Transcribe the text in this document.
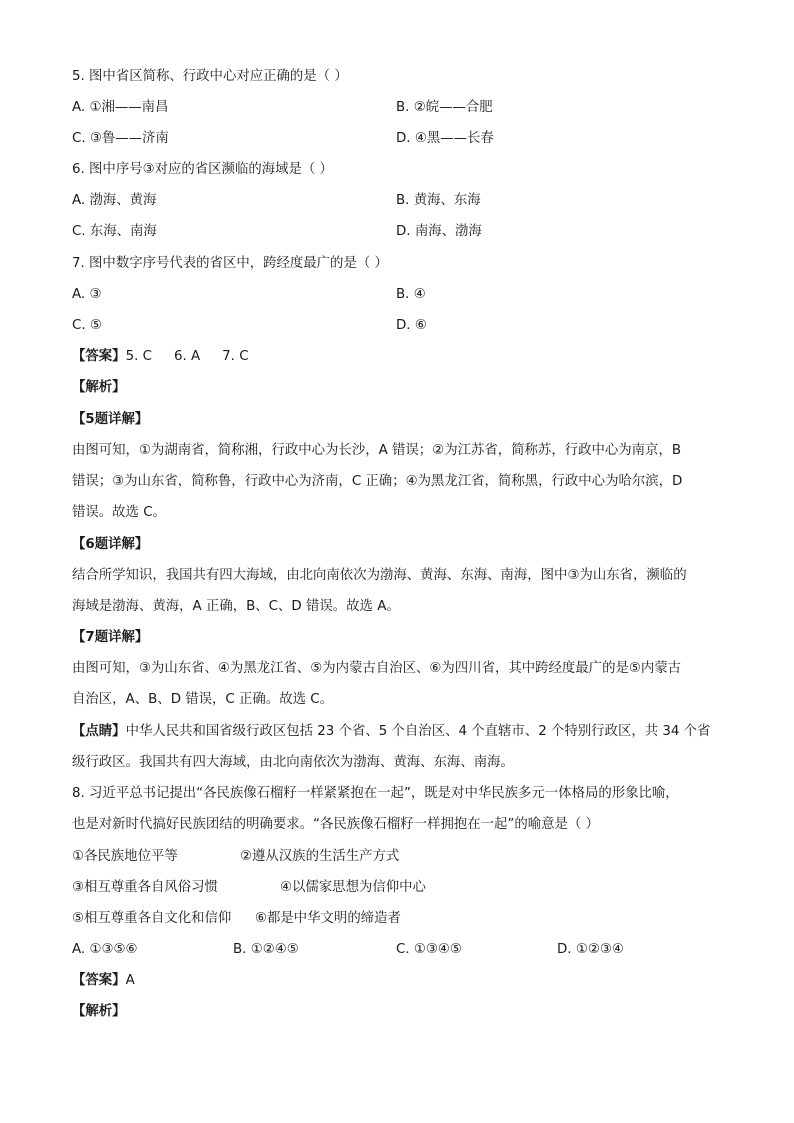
5. 图中省区简称、行政中心对应正确的是（ ）
A. ①湘——南昌	B. ②皖——合肥
C. ③鲁——济南	D. ④黑——长春
6. 图中序号③对应的省区濒临的海域是（ ）
A. 渤海、黄海	B. 黄海、东海
C. 东海、南海	D. 南海、渤海
7. 图中数字序号代表的省区中，跨经度最广的是（ ）
A. ③	B. ④
C. ⑤	D. ⑥
【答案】5. C 6. A 7. C
【解析】
【5题详解】
由图可知，①为湖南省，简称湘，行政中心为长沙，A 错误；②为江苏省，简称苏，行政中心为南京，B
错误；③为山东省，简称鲁，行政中心为济南，C 正确；④为黑龙江省，简称黑，行政中心为哈尔滨，D
错误。故选 C。
【6题详解】
结合所学知识，我国共有四大海域，由北向南依次为渤海、黄海、东海、南海，图中③为山东省，濒临的
海域是渤海、黄海，A 正确，B、C、D 错误。故选 A。
【7题详解】
由图可知，③为山东省、④为黑龙江省、⑤为内蒙古自治区、⑥为四川省，其中跨经度最广的是⑤内蒙古
自治区，A、B、D 错误，C 正确。故选 C。
【点睛】中华人民共和国省级行政区包括 23 个省、5 个自治区、4 个直辖市、2 个特别行政区，共 34 个省
级行政区。我国共有四大海域，由北向南依次为渤海、黄海、东海、南海。
8. 习近平总书记提出“各民族像石榴籽一样紧紧抱在一起”，既是对中华民族多元一体格局的形象比喻，
也是对新时代搞好民族团结的明确要求。“各民族像石榴籽一样拥抱在一起”的喻意是（ ）
①各民族地位平等	②遵从汉族的生活生产方式
③相互尊重各自风俗习惯	④以儒家思想为信仰中心
⑤相互尊重各自文化和信仰 ⑥都是中华文明的缔造者
A. ①③⑤⑥	B. ①②④⑤	C. ①③④⑤	D. ①②③④
【答案】A
【解析】
